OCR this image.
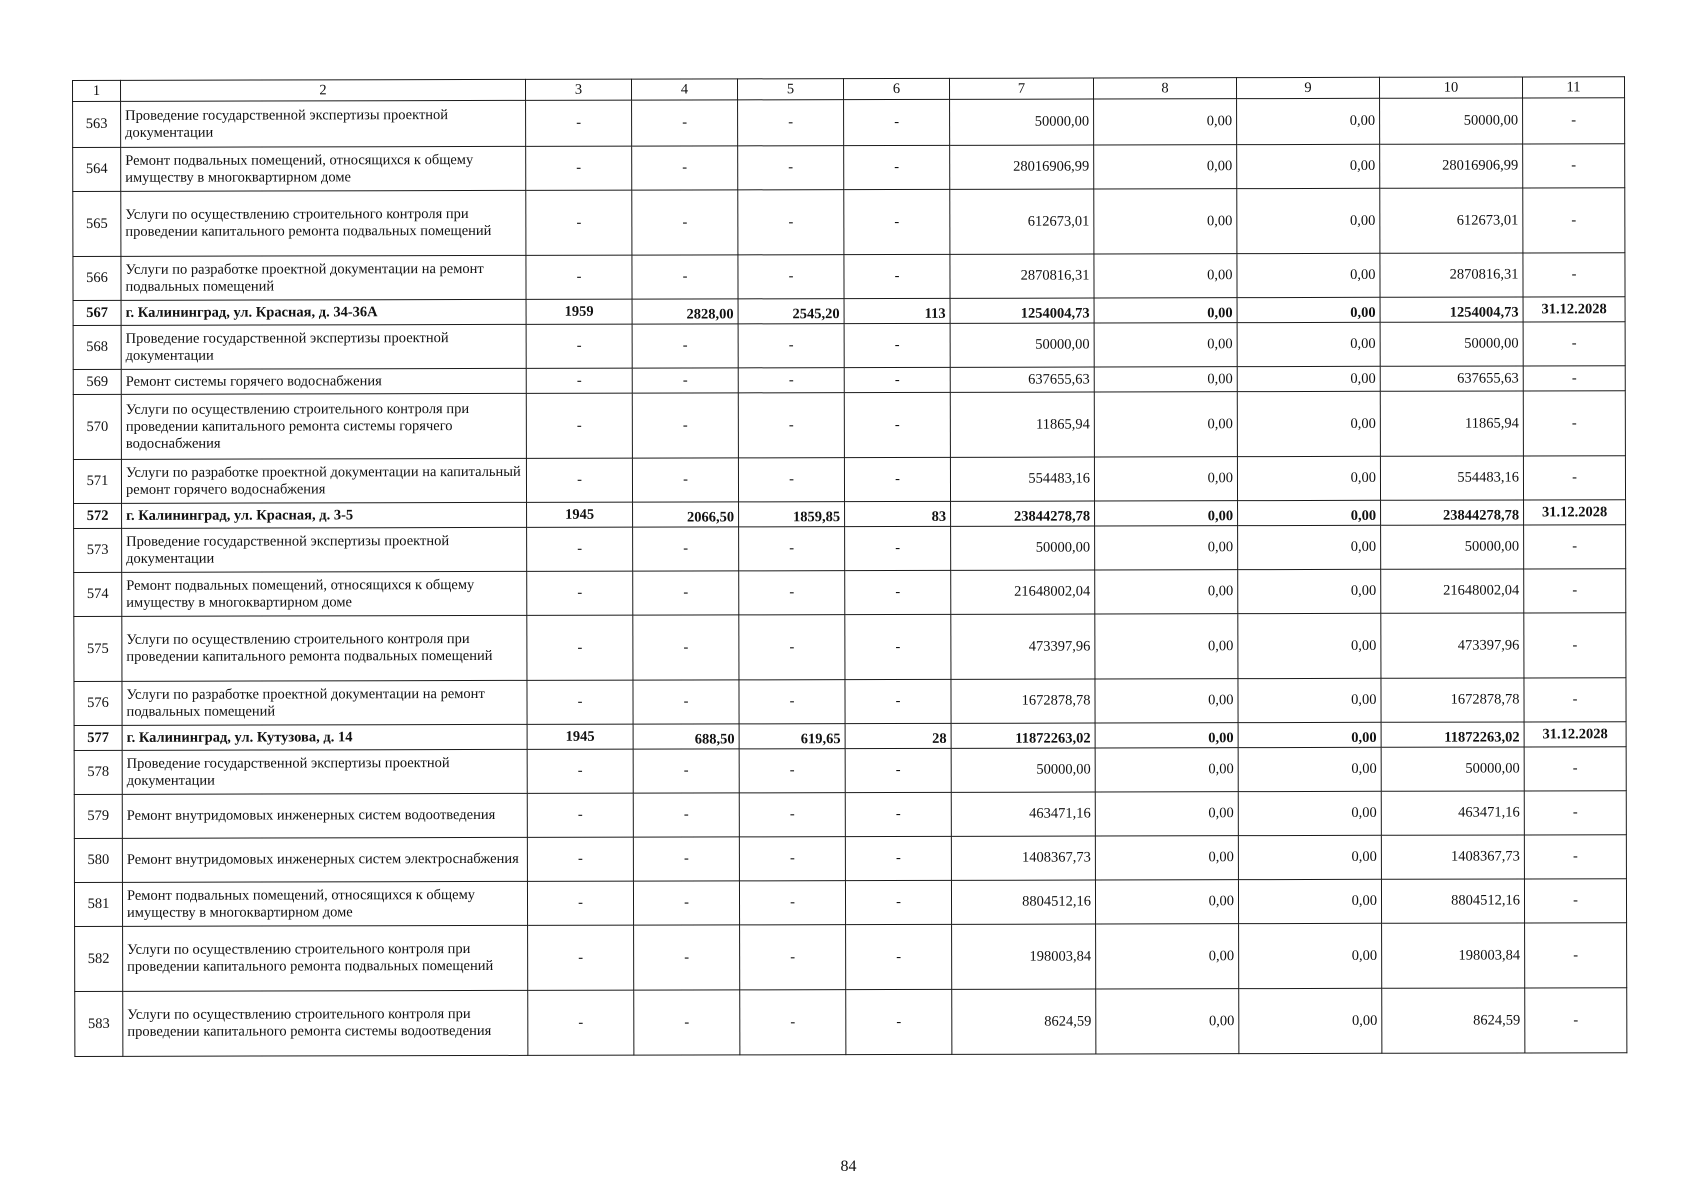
1	2	3	4	5	6	7	8	9	10	11
563	Проведение государственной экспертизы проектной документации	-	-	-	-	50000,00	0,00	0,00	50000,00	-
564	Ремонт подвальных помещений, относящихся к общему имуществу в многоквартирном доме	-	-	-	-	28016906,99	0,00	0,00	28016906,99	-
565	Услуги по осуществлению строительного контроля при проведении капитального ремонта подвальных помещений	-	-	-	-	612673,01	0,00	0,00	612673,01	-
566	Услуги по разработке проектной документации на ремонт подвальных помещений	-	-	-	-	2870816,31	0,00	0,00	2870816,31	-
567	г. Калининград, ул. Красная, д. 34-36А	1959	2828,00	2545,20	113	1254004,73	0,00	0,00	1254004,73	31.12.2028
568	Проведение государственной экспертизы проектной документации	-	-	-	-	50000,00	0,00	0,00	50000,00	-
569	Ремонт системы горячего водоснабжения	-	-	-	-	637655,63	0,00	0,00	637655,63	-
570	Услуги по осуществлению строительного контроля при проведении капитального ремонта системы горячего водоснабжения	-	-	-	-	11865,94	0,00	0,00	11865,94	-
571	Услуги по разработке проектной документации на капитальный ремонт горячего водоснабжения	-	-	-	-	554483,16	0,00	0,00	554483,16	-
572	г. Калининград, ул. Красная, д. 3-5	1945	2066,50	1859,85	83	23844278,78	0,00	0,00	23844278,78	31.12.2028
573	Проведение государственной экспертизы проектной документации	-	-	-	-	50000,00	0,00	0,00	50000,00	-
574	Ремонт подвальных помещений, относящихся к общему имуществу в многоквартирном доме	-	-	-	-	21648002,04	0,00	0,00	21648002,04	-
575	Услуги по осуществлению строительного контроля при проведении капитального ремонта подвальных помещений	-	-	-	-	473397,96	0,00	0,00	473397,96	-
576	Услуги по разработке проектной документации на ремонт подвальных помещений	-	-	-	-	1672878,78	0,00	0,00	1672878,78	-
577	г. Калининград, ул. Кутузова, д. 14	1945	688,50	619,65	28	11872263,02	0,00	0,00	11872263,02	31.12.2028
578	Проведение государственной экспертизы проектной документации	-	-	-	-	50000,00	0,00	0,00	50000,00	-
579	Ремонт внутридомовых инженерных систем водоотведения	-	-	-	-	463471,16	0,00	0,00	463471,16	-
580	Ремонт внутридомовых инженерных систем электроснабжения	-	-	-	-	1408367,73	0,00	0,00	1408367,73	-
581	Ремонт подвальных помещений, относящихся к общему имуществу в многоквартирном доме	-	-	-	-	8804512,16	0,00	0,00	8804512,16	-
582	Услуги по осуществлению строительного контроля при проведении капитального ремонта подвальных помещений	-	-	-	-	198003,84	0,00	0,00	198003,84	-
583	Услуги по осуществлению строительного контроля при проведении капитального ремонта системы водоотведения	-	-	-	-	8624,59	0,00	0,00	8624,59	-
84
